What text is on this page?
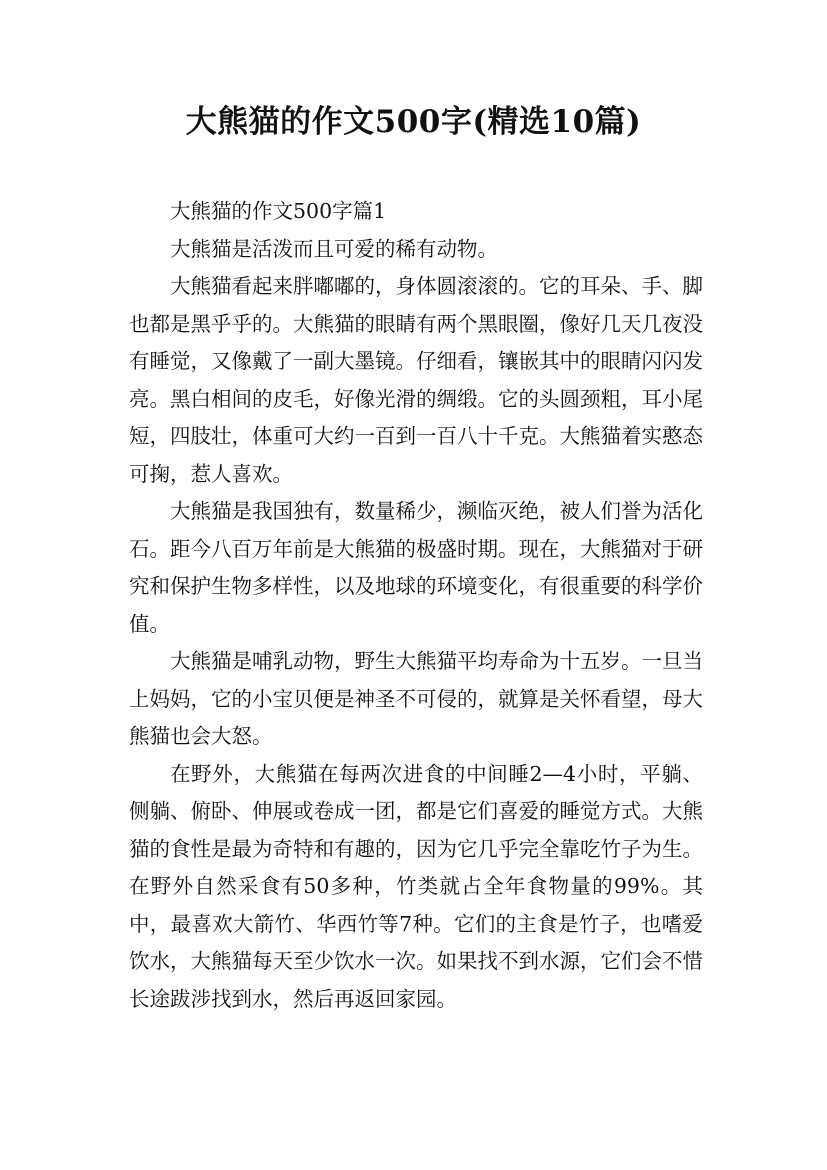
大熊猫的作文500字(精选10篇)

大熊猫的作文500字篇1

大熊猫是活泼而且可爱的稀有动物。

大熊猫看起来胖嘟嘟的，身体圆滚滚的。它的耳朵、手、脚也都是黑乎乎的。大熊猫的眼睛有两个黑眼圈，像好几天几夜没有睡觉，又像戴了一副大墨镜。仔细看，镶嵌其中的眼睛闪闪发亮。黑白相间的皮毛，好像光滑的绸缎。它的头圆颈粗，耳小尾短，四肢壮，体重可大约一百到一百八十千克。大熊猫着实憨态可掬，惹人喜欢。

大熊猫是我国独有，数量稀少，濒临灭绝，被人们誉为活化石。距今八百万年前是大熊猫的极盛时期。现在，大熊猫对于研究和保护生物多样性，以及地球的环境变化，有很重要的科学价值。

大熊猫是哺乳动物，野生大熊猫平均寿命为十五岁。一旦当上妈妈，它的小宝贝便是神圣不可侵的，就算是关怀看望，母大熊猫也会大怒。

在野外，大熊猫在每两次进食的中间睡2—4小时，平躺、侧躺、俯卧、伸展或卷成一团，都是它们喜爱的睡觉方式。大熊猫的食性是最为奇特和有趣的，因为它几乎完全靠吃竹子为生。在野外自然采食有50多种，竹类就占全年食物量的99%。其中，最喜欢大箭竹、华西竹等7种。它们的主食是竹子，也嗜爱饮水，大熊猫每天至少饮水一次。如果找不到水源，它们会不惜长途跋涉找到水，然后再返回家园。
